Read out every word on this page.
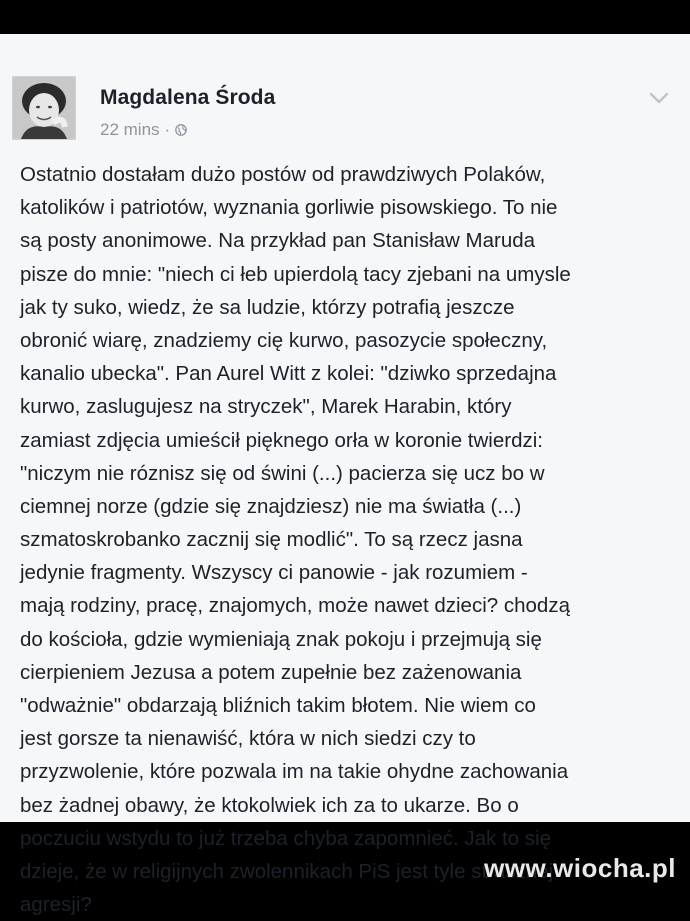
Magdalena Środa
22 mins ·
Ostatnio dostałam dużo postów od prawdziwych Polaków,
katolików i patriotów, wyznania gorliwie pisowskiego. To nie
są posty anonimowe. Na przykład pan Stanisław Maruda
pisze do mnie: "niech ci łeb upierdolą tacy zjebani na umysle
jak ty suko, wiedz, że sa ludzie, którzy potrafią jeszcze
obronić wiarę, znadziemy cię kurwo, pasozycie społeczny,
kanalio ubecka". Pan Aurel Witt z kolei: "dziwko sprzedajna
kurwo, zaslugujesz na stryczek", Marek Harabin, który
zamiast zdjęcia umieścił pięknego orła w koronie twierdzi:
"niczym nie róznisz się od świni (...) pacierza się ucz bo w
ciemnej norze (gdzie się znajdziesz) nie ma światła (...)
szmatoskrobanko zacznij się modlić". To są rzecz jasna
jedynie fragmenty. Wszyscy ci panowie - jak rozumiem -
mają rodziny, pracę, znajomych, może nawet dzieci? chodzą
do kościoła, gdzie wymieniają znak pokoju i przejmują się
cierpieniem Jezusa a potem zupełnie bez zażenowania
"odważnie" obdarzają bliźnich takim błotem. Nie wiem co
jest gorsze ta nienawiść, która w nich siedzi czy to
przyzwolenie, które pozwala im na takie ohydne zachowania
bez żadnej obawy, że ktokolwiek ich za to ukarze. Bo o
poczuciu wstydu to już trzeba chyba zapomnieć. Jak to się
dzieje, że w religijnych zwolennikach PiS jest tyle strasznej
agresji?
www.wiocha.pl
